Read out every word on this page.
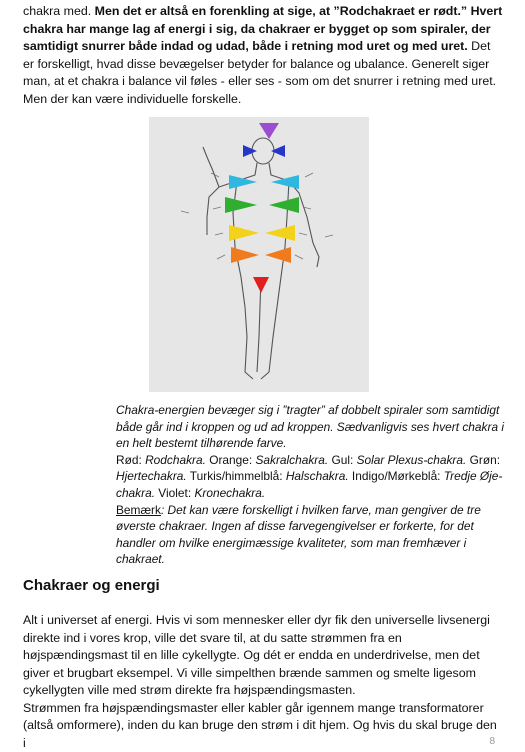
chakra med. Men det er altså en forenkling at sige, at ”Rodchakraet er rødt.” Hvert chakra har mange lag af energi i sig, da chakraer er bygget op som spiraler, der samtidigt snurrer både indad og udad, både i retning mod uret og med uret. Det er forskelligt, hvad disse bevægelser betyder for balance og ubalance. Generelt siger man, at et chakra i balance vil føles - eller ses - som om det snurrer i retning med uret. Men der kan være individuelle forskelle.
Chakra-energien bevæger sig i ”tragter” af dobbelt spiraler som samtidigt både går ind i kroppen og ud ad kroppen. Sædvanligvis ses hvert chakra i en helt bestemt tilhørende farve.
Rød: Rodchakra. Orange: Sakralchakra. Gul: Solar Plexus-chakra. Grøn: Hjertechakra. Turkis/himmelblå: Halschakra. Indigo/Mørkeblå: Tredje Øje-chakra. Violet: Kronechakra.
Bemærk: Det kan være forskelligt i hvilken farve, man gengiver de tre øverste chakraer. Ingen af disse farvegengivelser er forkerte, for det handler om hvilke energimæssige kvaliteter, som man fremhæver i chakraet.
Chakraer og energi
Alt i universet af energi. Hvis vi som mennesker eller dyr fik den universelle livsenergi direkte ind i vores krop, ville det svare til, at du satte strømmen fra en højspændingsmast til en lille cykellygte. Og dét er endda en underdrivelse, men det giver et brugbart eksempel. Vi ville simpelthen brænde sammen og smelte ligesom cykellygten ville med strøm direkte fra højspændingsmasten.
Strømmen fra højspændingsmaster eller kabler går igennem mange transformatorer (altså omformere), inden du kan bruge den strøm i dit hjem. Og hvis du skal bruge den i	8
